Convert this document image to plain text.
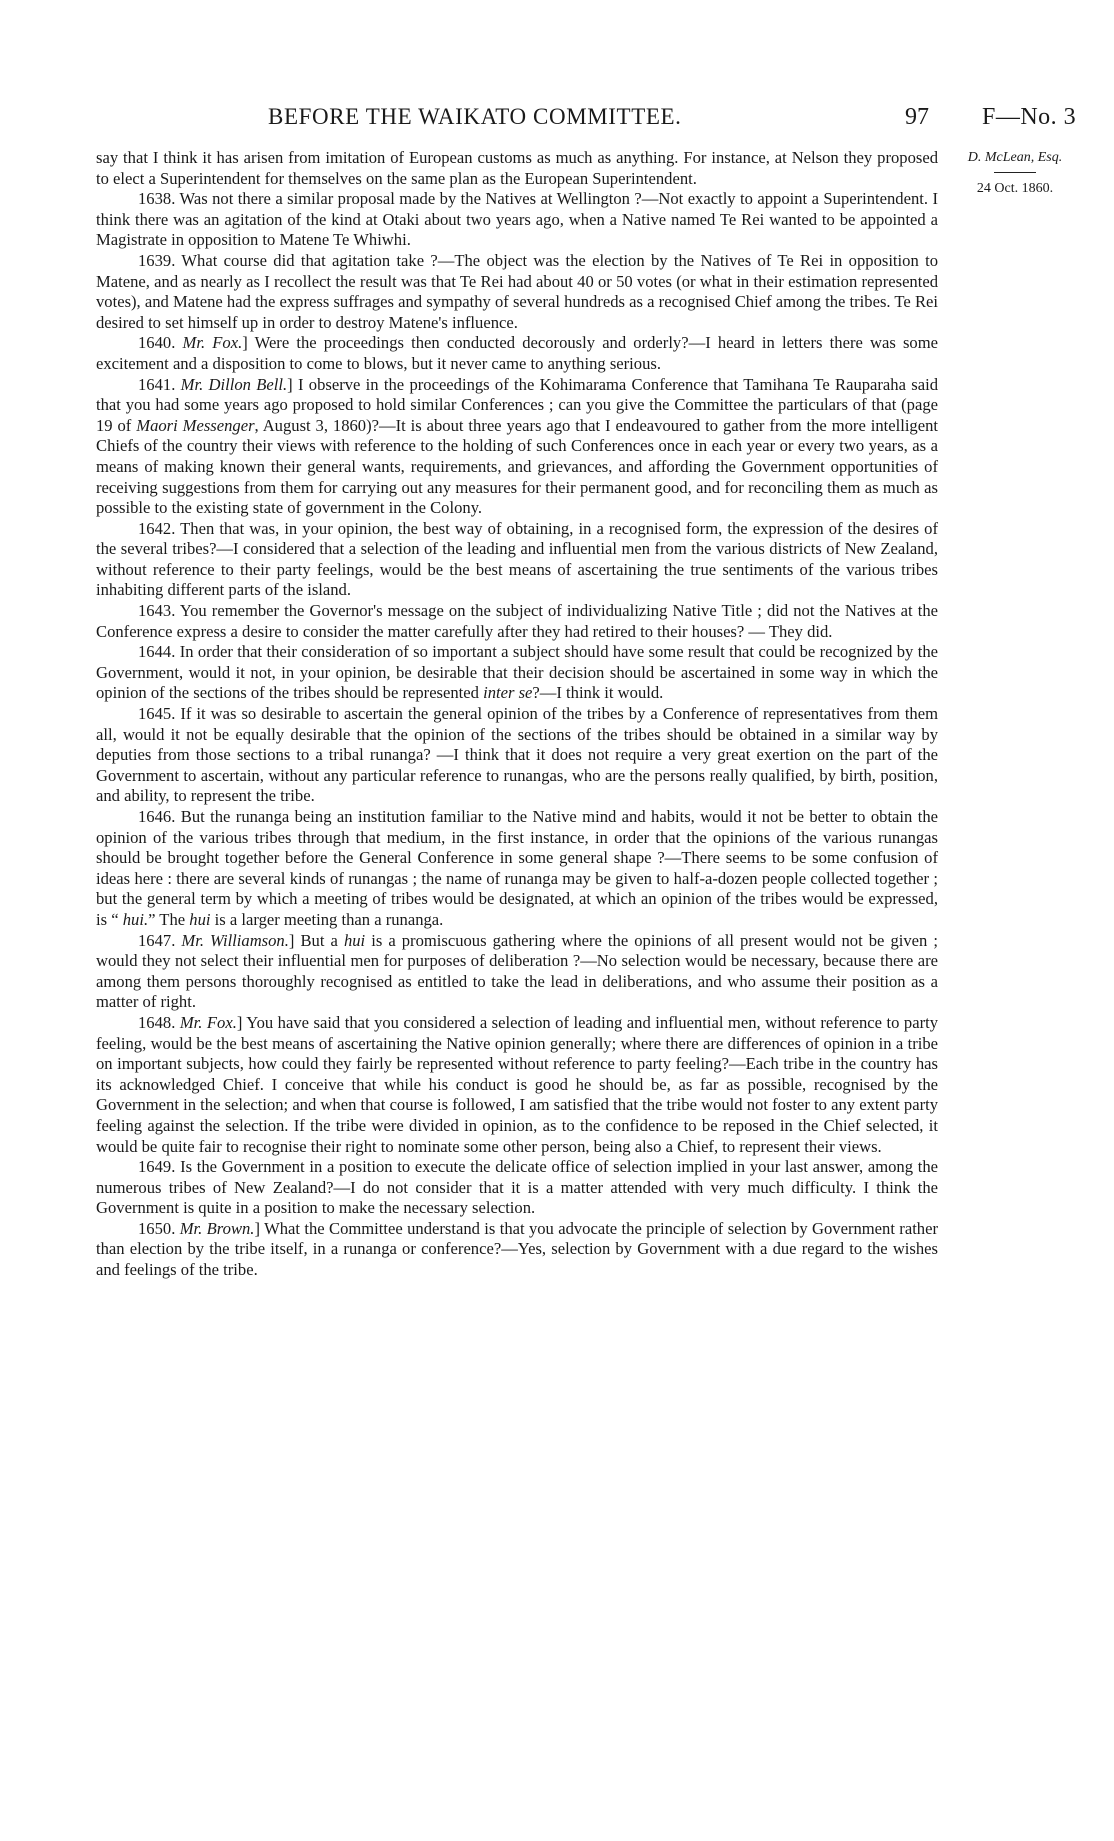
BEFORE THE WAIKATO COMMITTEE.	97 F—No. 3
D. McLean, Esq.
24 Oct. 1860.

say that I think it has arisen from imitation of European customs as much as anything. For instance, at Nelson they proposed to elect a Superintendent for themselves on the same plan as the European Superintendent.

1638. Was not there a similar proposal made by the Natives at Wellington ?—Not exactly to appoint a Superintendent. I think there was an agitation of the kind at Otaki about two years ago, when a Native named Te Rei wanted to be appointed a Magistrate in opposition to Matene Te Whiwhi.

1639. What course did that agitation take ?—The object was the election by the Natives of Te Rei in opposition to Matene, and as nearly as I recollect the result was that Te Rei had about 40 or 50 votes (or what in their estimation represented votes), and Matene had the express suffrages and sympathy of several hundreds as a recognised Chief among the tribes. Te Rei desired to set himself up in order to destroy Matene's influence.

1640. Mr. Fox.] Were the proceedings then conducted decorously and orderly?—I heard in letters there was some excitement and a disposition to come to blows, but it never came to anything serious.

1641. Mr. Dillon Bell.] I observe in the proceedings of the Kohimarama Conference that Tamihana Te Rauparaha said that you had some years ago proposed to hold similar Conferences ; can you give the Committee the particulars of that (page 19 of Maori Messenger, August 3, 1860)?—It is about three years ago that I endeavoured to gather from the more intelligent Chiefs of the country their views with reference to the holding of such Conferences once in each year or every two years, as a means of making known their general wants, requirements, and grievances, and affording the Government opportunities of receiving suggestions from them for carrying out any measures for their permanent good, and for reconciling them as much as possible to the existing state of government in the Colony.

1642. Then that was, in your opinion, the best way of obtaining, in a recognised form, the expression of the desires of the several tribes?—I considered that a selection of the leading and influential men from the various districts of New Zealand, without reference to their party feelings, would be the best means of ascertaining the true sentiments of the various tribes inhabiting different parts of the island.

1643. You remember the Governor's message on the subject of individualizing Native Title ; did not the Natives at the Conference express a desire to consider the matter carefully after they had retired to their houses? — They did.

1644. In order that their consideration of so important a subject should have some result that could be recognized by the Government, would it not, in your opinion, be desirable that their decision should be ascertained in some way in which the opinion of the sections of the tribes should be represented inter se?—I think it would.

1645. If it was so desirable to ascertain the general opinion of the tribes by a Conference of representatives from them all, would it not be equally desirable that the opinion of the sections of the tribes should be obtained in a similar way by deputies from those sections to a tribal runanga? —I think that it does not require a very great exertion on the part of the Government to ascertain, without any particular reference to runangas, who are the persons really qualified, by birth, position, and ability, to represent the tribe.

1646. But the runanga being an institution familiar to the Native mind and habits, would it not be better to obtain the opinion of the various tribes through that medium, in the first instance, in order that the opinions of the various runangas should be brought together before the General Conference in some general shape ?—There seems to be some confusion of ideas here : there are several kinds of runangas ; the name of runanga may be given to half-a-dozen people collected together ; but the general term by which a meeting of tribes would be designated, at which an opinion of the tribes would be expressed, is “ hui.” The hui is a larger meeting than a runanga.

1647. Mr. Williamson.] But a hui is a promiscuous gathering where the opinions of all present would not be given ; would they not select their influential men for purposes of deliberation ?—No selection would be necessary, because there are among them persons thoroughly recognised as entitled to take the lead in deliberations, and who assume their position as a matter of right.

1648. Mr. Fox.] You have said that you considered a selection of leading and influential men, without reference to party feeling, would be the best means of ascertaining the Native opinion generally; where there are differences of opinion in a tribe on important subjects, how could they fairly be represented without reference to party feeling?—Each tribe in the country has its acknowledged Chief. I conceive that while his conduct is good he should be, as far as possible, recognised by the Government in the selection; and when that course is followed, I am satisfied that the tribe would not foster to any extent party feeling against the selection. If the tribe were divided in opinion, as to the confidence to be reposed in the Chief selected, it would be quite fair to recognise their right to nominate some other person, being also a Chief, to represent their views.

1649. Is the Government in a position to execute the delicate office of selection implied in your last answer, among the numerous tribes of New Zealand?—I do not consider that it is a matter attended with very much difficulty. I think the Government is quite in a position to make the necessary selection.

1650. Mr. Brown.] What the Committee understand is that you advocate the principle of selection by Government rather than election by the tribe itself, in a runanga or conference?—Yes, selection by Government with a due regard to the wishes and feelings of the tribe.
